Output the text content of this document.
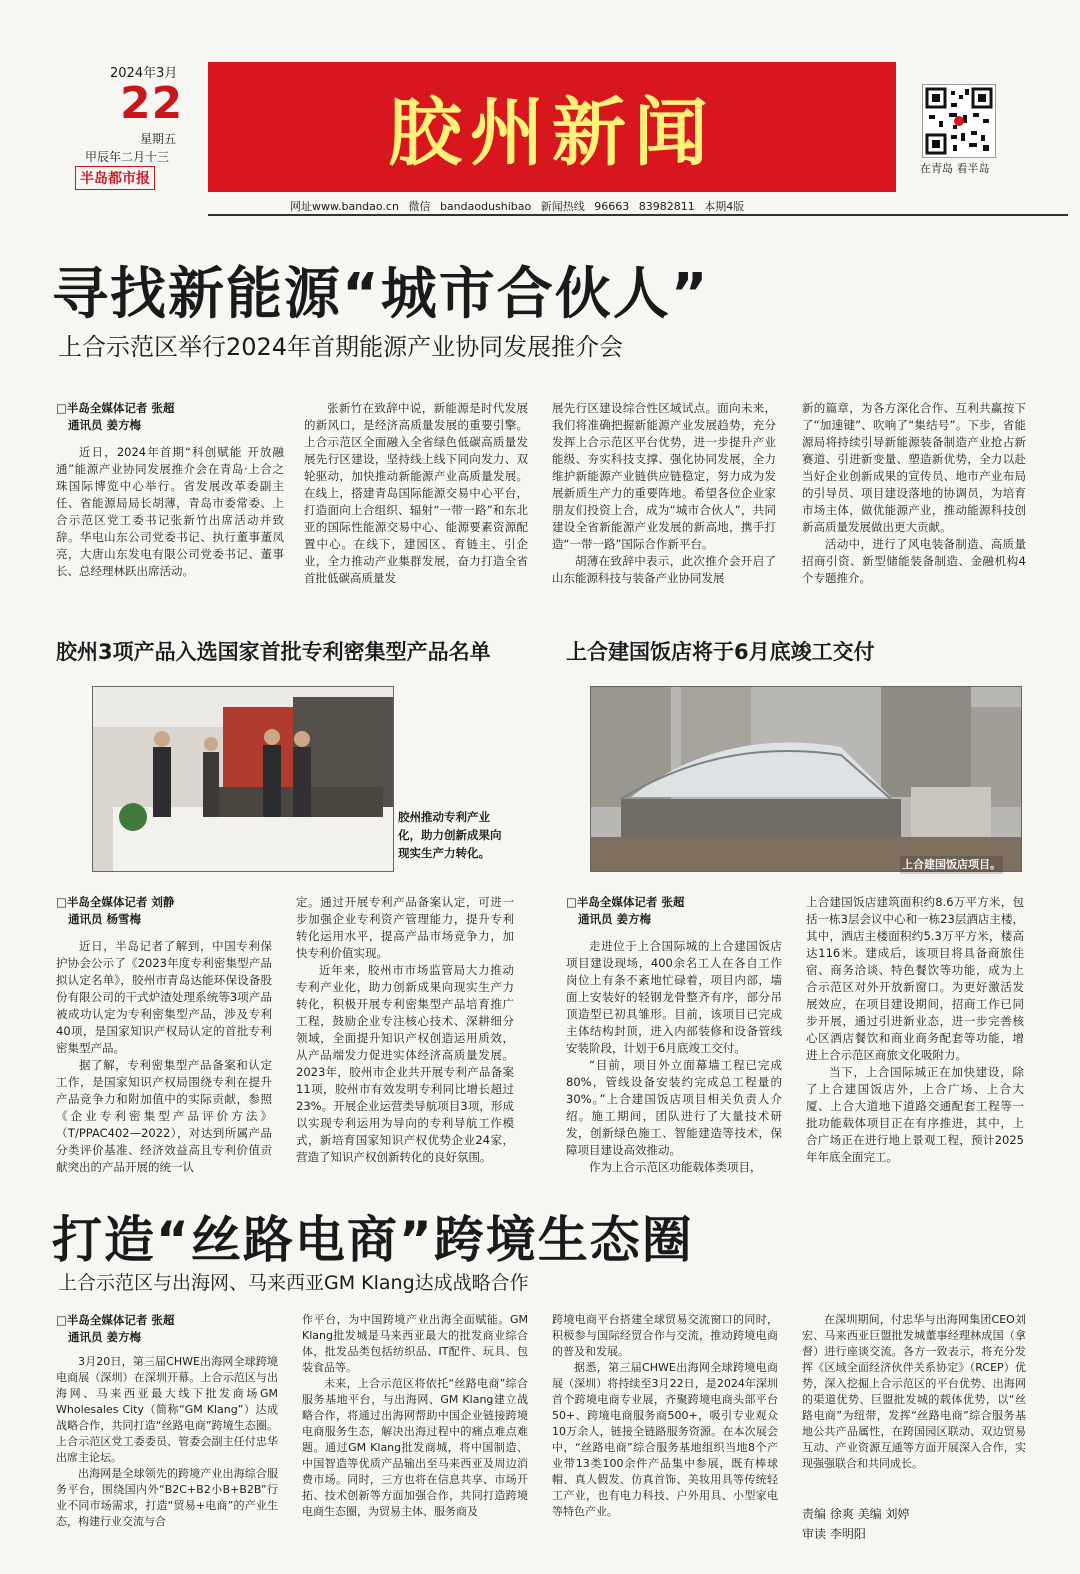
2024年3月
22
星期五
甲辰年二月十三
半岛都市报
胶州新闻	在青岛 看半岛
网址www.bandao.cn 微信 bandaodushibao 新闻热线 96663 83982811 本期4版
寻找新能源“城市合伙人”
上合示范区举行2024年首期能源产业协同发展推介会
□半岛全媒体记者 张超
通讯员 姜方梅

近日，2024年首期“科创赋能 开放融通”能源产业协同发展推介会在青岛·上合之珠国际博览中心举行。省发展改革委副主任、省能源局局长胡薄，青岛市委常委、上合示范区党工委书记张新竹出席活动并致辞。华电山东公司党委书记、执行董事董凤亮，大唐山东发电有限公司党委书记、董事长、总经理林跃出席活动。

张新竹在致辞中说，新能源是时代发展的新风口，是经济高质量发展的重要引擎。上合示范区全面融入全省绿色低碳高质量发展先行区建设，坚持线上线下同向发力、双轮驱动，加快推动新能源产业高质量发展。在线上，搭建青岛国际能源交易中心平台，打造面向上合组织、辐射“一带一路”和东北亚的国际性能源交易中心、能源要素资源配置中心。在线下，建园区、育链主、引企业，全力推动产业集群发展，奋力打造全省首批低碳高质量发

展先行区建设综合性区域试点。面向未来，我们将准确把握新能源产业发展趋势，充分发挥上合示范区平台优势，进一步提升产业能级、夯实科技支撑、强化协同发展，全力维护新能源产业链供应链稳定，努力成为发展新质生产力的重要阵地。希望各位企业家朋友们投资上合，成为“城市合伙人”，共同建设全省新能源产业发展的新高地，携手打造“一带一路”国际合作新平台。

胡薄在致辞中表示，此次推介会开启了山东能源科技与装备产业协同发展

新的篇章，为各方深化合作、互利共赢按下了“加速键”、吹响了“集结号”。下步，省能源局将持续引导新能源装备制造产业抢占新赛道、引进新变量、塑造新优势，全力以赴当好企业创新成果的宣传员、地市产业布局的引导员、项目建设落地的协调员，为培育市场主体，做优能源产业，推动能源科技创新高质量发展做出更大贡献。

活动中，进行了风电装备制造、高质量招商引资、新型储能装备制造、金融机构4个专题推介。

胶州3项产品入选国家首批专利密集型产品名单
胶州推动专利产业化，助力创新成果向现实生产力转化。
□半岛全媒体记者 刘静
通讯员 杨雪梅

近日，半岛记者了解到，中国专利保护协会公示了《2023年度专利密集型产品拟认定名单》，胶州市青岛达能环保设备股份有限公司的干式炉渣处理系统等3项产品被成功认定为专利密集型产品，涉及专利40项，是国家知识产权局认定的首批专利密集型产品。

据了解，专利密集型产品备案和认定工作，是国家知识产权局围绕专利在提升产品竞争力和附加值中的实际贡献，参照《企业专利密集型产品评价方法》（T/PPAC402—2022），对达到所属产品分类评价基准、经济效益高且专利价值贡献突出的产品开展的统一认

定。通过开展专利产品备案认定，可进一步加强企业专利资产管理能力，提升专利转化运用水平，提高产品市场竞争力，加快专利价值实现。

近年来，胶州市市场监管局大力推动专利产业化，助力创新成果向现实生产力转化，积极开展专利密集型产品培育推广工程，鼓励企业专注核心技术、深耕细分领域，全面提升知识产权创造运用质效，从产品端发力促进实体经济高质量发展。2023年，胶州市企业共开展专利产品备案11项，胶州市有效发明专利同比增长超过23%。开展企业运营类导航项目3项，形成以实现专利运用为导向的专利导航工作模式，新培育国家知识产权优势企业24家，营造了知识产权创新转化的良好氛围。

上合建国饭店将于6月底竣工交付
上合建国饭店项目。
□半岛全媒体记者 张超
通讯员 姜方梅

走进位于上合国际城的上合建国饭店项目建设现场，400余名工人在各自工作岗位上有条不紊地忙碌着，项目内部，墙面上安装好的轻钢龙骨整齐有序，部分吊顶造型已初具雏形。目前，该项目已完成主体结构封顶，进入内部装修和设备管线安装阶段，计划于6月底竣工交付。

“目前，项目外立面幕墙工程已完成80%，管线设备安装约完成总工程量的30%。”上合建国饭店项目相关负责人介绍。施工期间，团队进行了大量技术研发，创新绿色施工、智能建造等技术，保障项目建设高效推动。

作为上合示范区功能载体类项目，

上合建国饭店建筑面积约8.6万平方米，包括一栋3层会议中心和一栋23层酒店主楼，其中，酒店主楼面积约5.3万平方米，楼高达116米。建成后，该项目将具备商旅住宿、商务洽谈、特色餐饮等功能，成为上合示范区对外开放新窗口。为更好激活发展效应，在项目建设期间，招商工作已同步开展，通过引进新业态，进一步完善核心区酒店餐饮和商业商务配套等功能，增进上合示范区商旅文化吸附力。

当下，上合国际城正在加快建设，除了上合建国饭店外，上合广场、上合大厦、上合大道地下道路交通配套工程等一批功能载体项目正在有序推进，其中，上合广场正在进行地上景观工程，预计2025年年底全面完工。

打造“丝路电商”跨境生态圈
上合示范区与出海网、马来西亚GM Klang达成战略合作
□半岛全媒体记者 张超
通讯员 姜方梅

3月20日，第三届CHWE出海网全球跨境电商展（深圳）在深圳开幕。上合示范区与出海网、马来西亚最大线下批发商场GM Wholesales City（简称“GM Klang”）达成战略合作，共同打造“丝路电商”跨境生态圈。上合示范区党工委委员、管委会副主任付忠华出席主论坛。

出海网是全球领先的跨境产业出海综合服务平台，围绕国内外“B2C+B2小B+B2B”行业不同市场需求，打造“贸易+电商”的产业生态，构建行业交流与合

作平台，为中国跨境产业出海全面赋能。GM Klang批发城是马来西亚最大的批发商业综合体，批发品类包括纺织品、IT配件、玩具、包装食品等。

未来，上合示范区将依托“丝路电商”综合服务基地平台，与出海网、GM Klang建立战略合作，将通过出海网帮助中国企业链接跨境电商服务生态，解决出海过程中的痛点难点难题。通过GM Klang批发商城，将中国制造、中国智造等优质产品输出至马来西亚及周边消费市场。同时，三方也将在信息共享、市场开拓、技术创新等方面加强合作，共同打造跨境电商生态圈，为贸易主体、服务商及

跨境电商平台搭建全球贸易交流窗口的同时，积极参与国际经贸合作与交流，推动跨境电商的普及和发展。

据悉，第三届CHWE出海网全球跨境电商展（深圳）将持续至3月22日，是2024年深圳首个跨境电商专业展，齐聚跨境电商头部平台50+、跨境电商服务商500+，吸引专业观众10万余人，链接全链路服务资源。在本次展会中，“丝路电商”综合服务基地组织当地8个产业带13类100余件产品集中参展，既有棒球帽、真人假发、仿真首饰、美妆用具等传统轻工产业，也有电力科技、户外用具、小型家电等特色产业。

在深圳期间，付忠华与出海网集团CEO刘宏、马来西亚巨盟批发城董事经理林成国（拿督）进行座谈交流。各方一致表示，将充分发挥《区域全面经济伙伴关系协定》（RCEP）优势，深入挖掘上合示范区的平台优势、出海网的渠道优势、巨盟批发城的载体优势，以“丝路电商”为纽带，发挥“丝路电商”综合服务基地公共产品属性，在跨国园区联动、双边贸易互动、产业资源互通等方面开展深入合作，实现强强联合和共同成长。

责编 徐爽 美编 刘婷
审读 李明阳
